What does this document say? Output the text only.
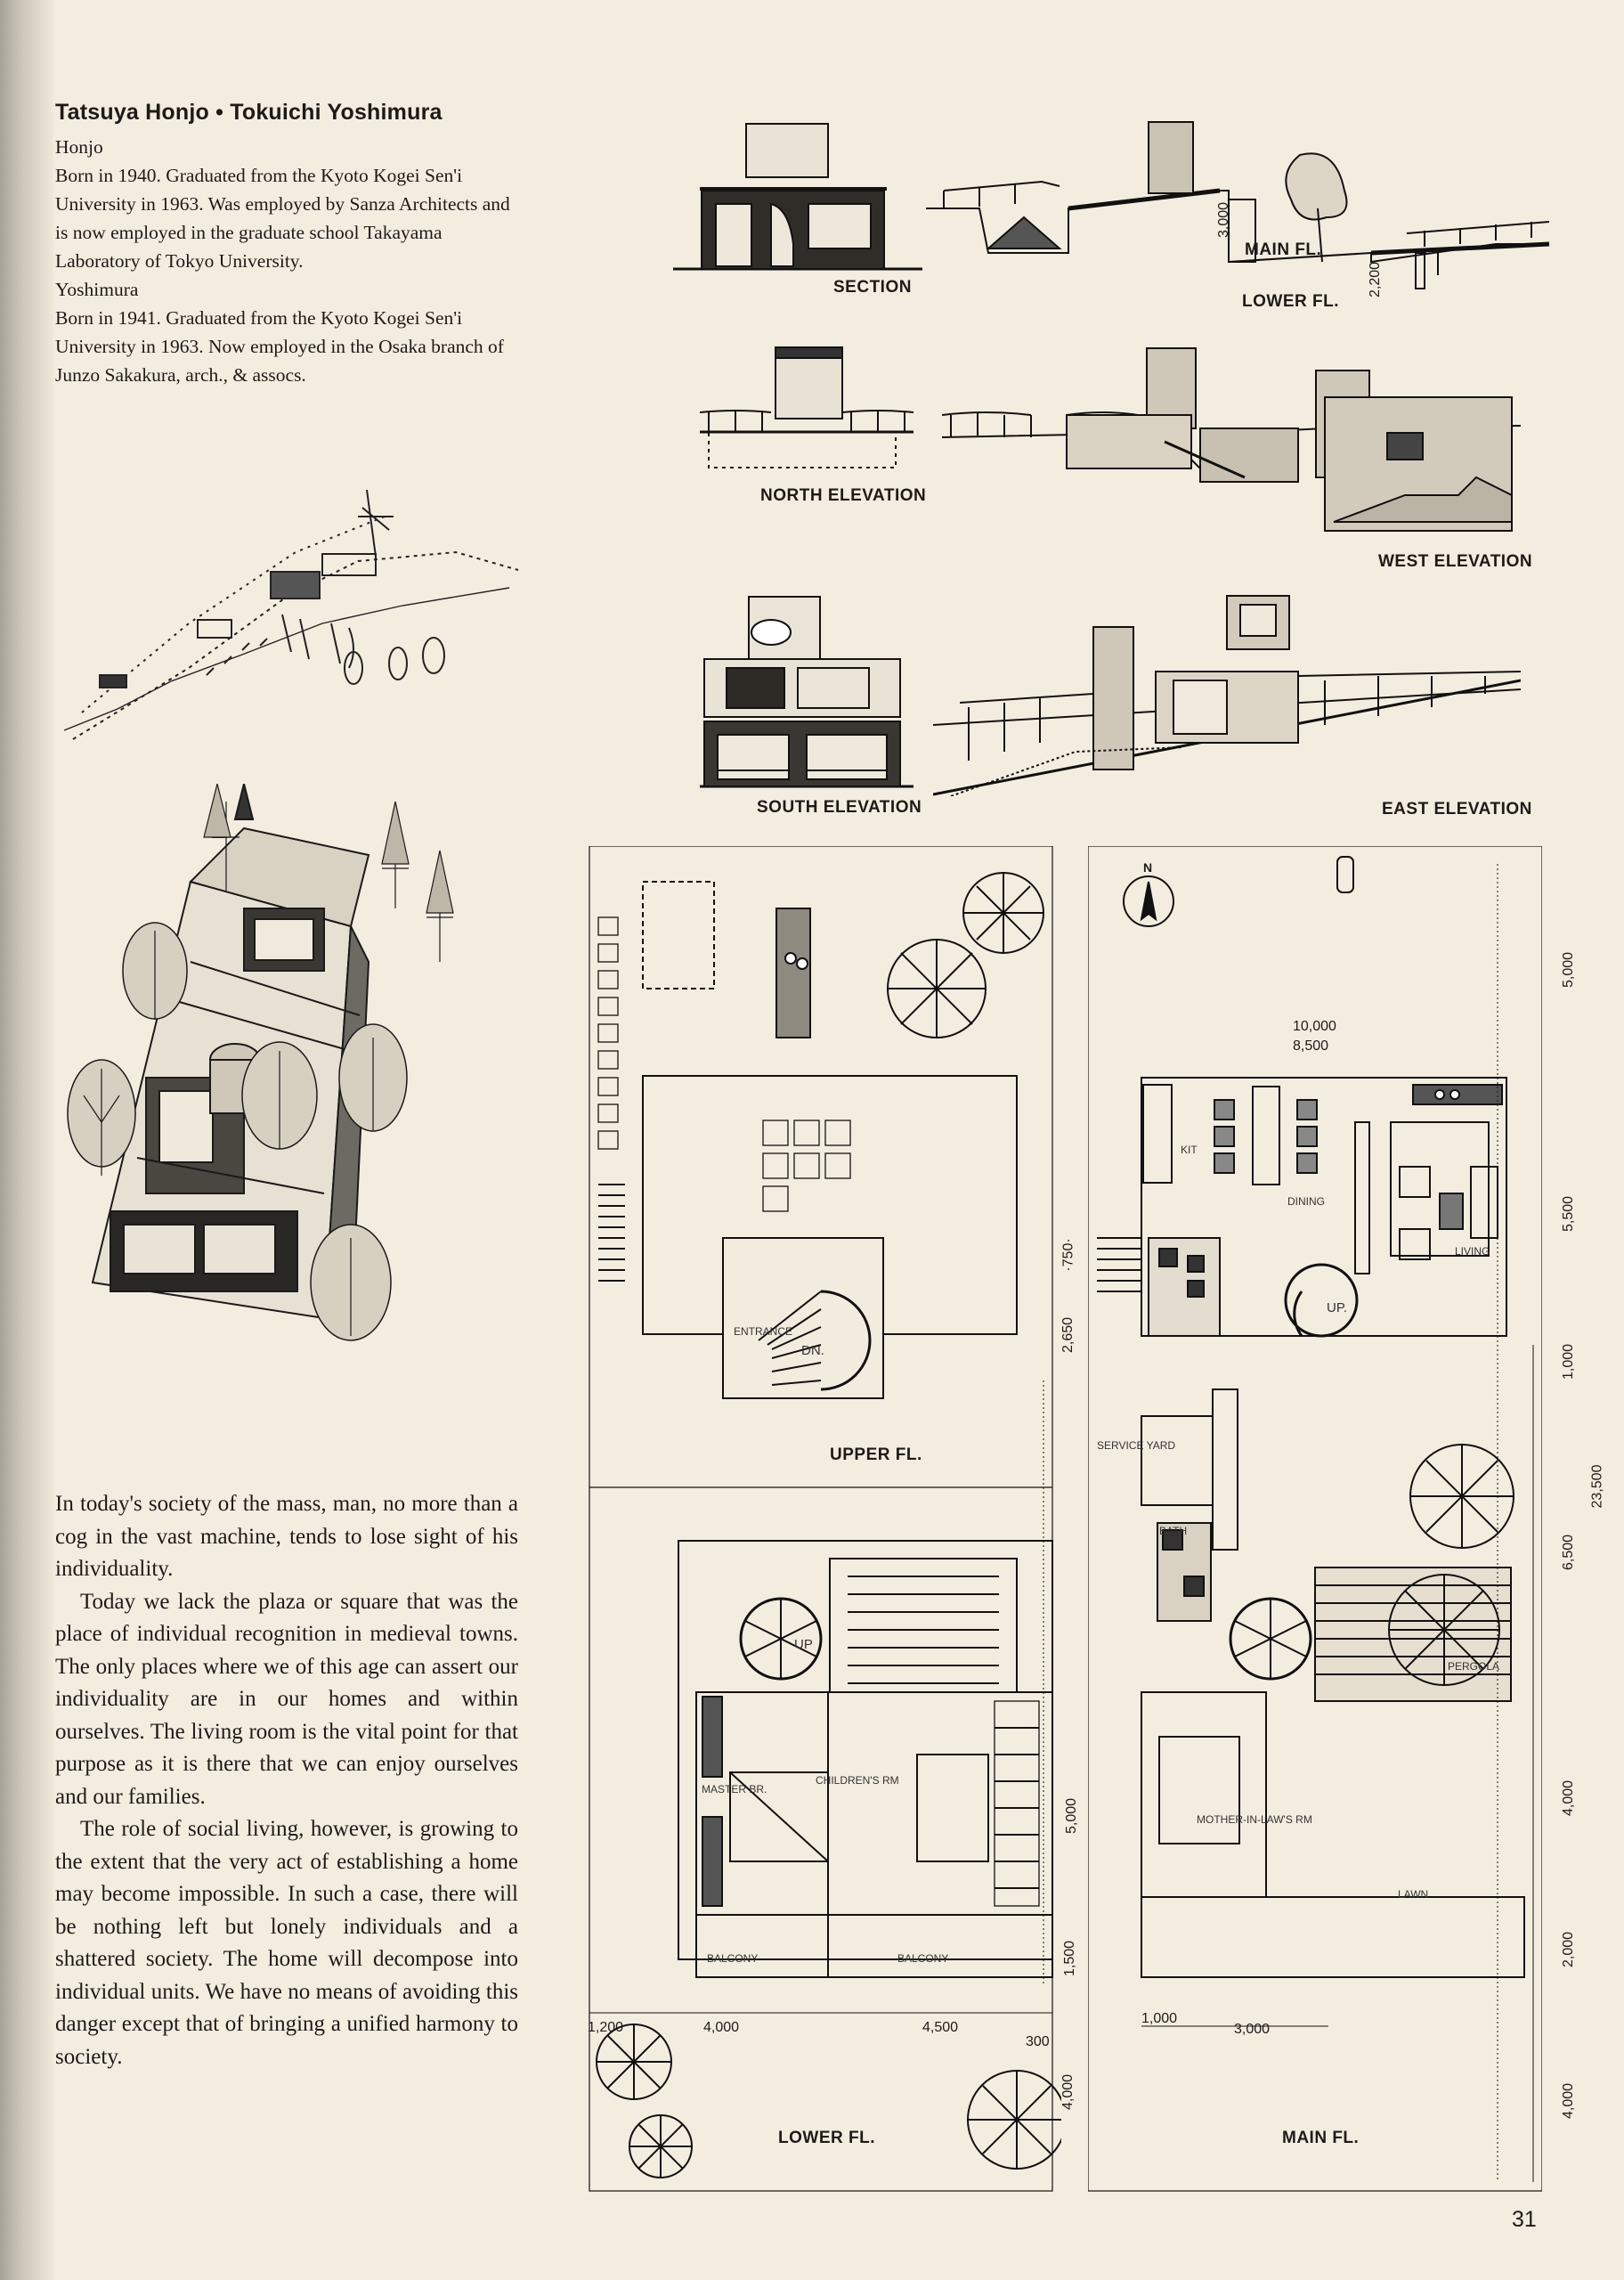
Tatsuya Honjo • Tokuichi Yoshimura

Honjo

Born in 1940. Graduated from the Kyoto Kogei Sen'i University in 1963. Was employed by Sanza Architects and is now employed in the graduate school Takayama Laboratory of Tokyo University.

Yoshimura

Born in 1941. Graduated from the Kyoto Kogei Sen'i University in 1963. Now employed in the Osaka branch of Junzo Sakakura, arch., & assocs.

In today's society of the mass, man, no more than a cog in the vast machine, tends to lose sight of his individuality.

Today we lack the plaza or square that was the place of individual recognition in medieval towns. The only places where we of this age can assert our individuality are in our homes and within ourselves. The living room is the vital point for that purpose as it is there that we can enjoy ourselves and our families.

The role of social living, however, is growing to the extent that the very act of establishing a home may become impossible. In such a case, there will be nothing left but lonely individuals and a shattered society. The home will decompose into individual units. We have no means of avoiding this danger except that of bringing a unified harmony to society.

SECTION
3,000
2,200
MAIN FL.
LOWER FL.
NORTH ELEVATION
WEST ELEVATION
SOUTH ELEVATION	EAST ELEVATION
UPPER FL.
LOWER FL.
ENTRANCE
DN.
UP
MASTER BR.
CHILDREN'S RM
BALCONY	BALCONY
·750·
2,650
5,000
1,500
1,200	4,000	4,500
300
4,000
KIT
DINING
LIVING
UP.
SERVICE YARD
BATH
PERGOLA
MOTHER-IN-LAW'S RM
LAWN
10,000
8,500
5,000
5,500
1,000
23,500
6,500
4,000
2,000
4,000
1,000
3,000
N
MAIN FL.
31
